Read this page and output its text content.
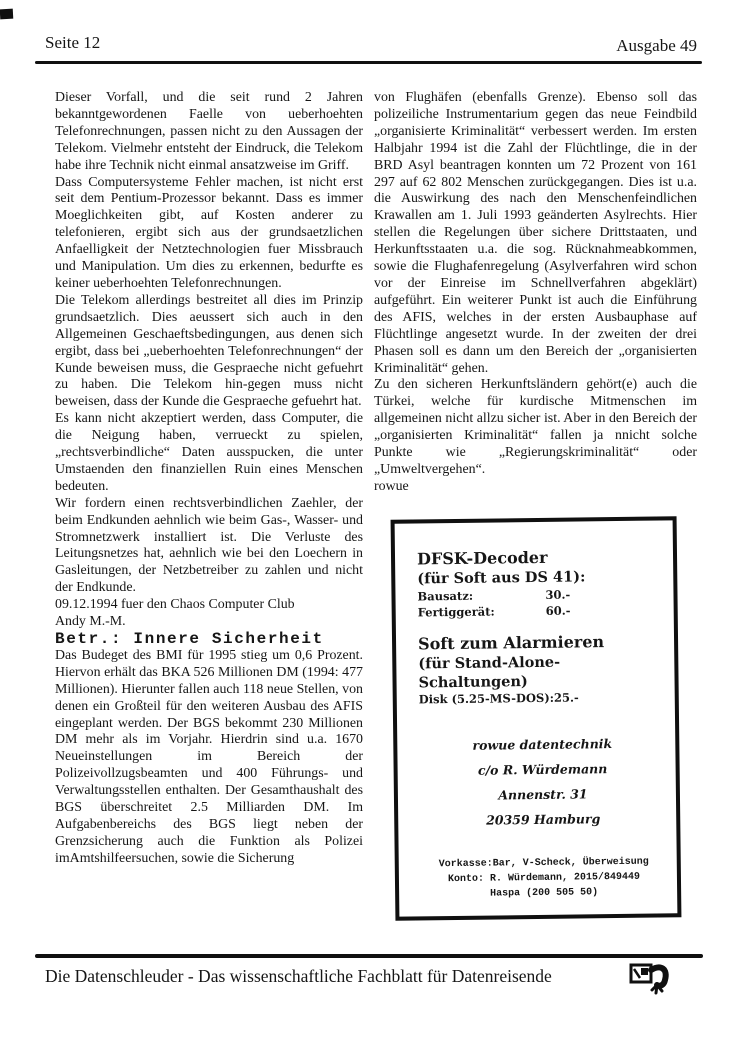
Seite 12	Ausgabe 49

Dieser Vorfall, und die seit rund 2 Jahren bekanntgewordenen Faelle von ueberhoehten Telefonrechnungen, passen nicht zu den Aussagen der Telekom. Vielmehr entsteht der Eindruck, die Telekom habe ihre Technik nicht einmal ansatzweise im Griff.

Dass Computersysteme Fehler machen, ist nicht erst seit dem Pentium-Prozessor bekannt. Dass es immer Moeglichkeiten gibt, auf Kosten anderer zu telefonieren, ergibt sich aus der grundsaetzlichen Anfaelligkeit der Netztechnologien fuer Missbrauch und Manipulation. Um dies zu erkennen, bedurfte es keiner ueberhoehten Telefonrechnungen.

Die Telekom allerdings bestreitet all dies im Prinzip grundsaetzlich. Dies aeussert sich auch in den Allgemeinen Geschaeftsbedingungen, aus denen sich ergibt, dass bei „ueberhoehten Telefonrechnungen“ der Kunde beweisen muss, die Gespraeche nicht gefuehrt zu haben. Die Telekom hin-gegen muss nicht beweisen, dass der Kunde die Gespraeche gefuehrt hat.

Es kann nicht akzeptiert werden, dass Computer, die die Neigung haben, verrueckt zu spielen, „rechtsverbindliche“ Daten ausspucken, die unter Umstaenden den finanziellen Ruin eines Menschen bedeuten.

Wir fordern einen rechtsverbindlichen Zaehler, der beim Endkunden aehnlich wie beim Gas-, Wasser- und Stromnetzwerk installiert ist. Die Verluste des Leitungsnetzes hat, aehnlich wie bei den Loechern in Gasleitungen, der Netzbetreiber zu zahlen und nicht der Endkunde.

09.12.1994 fuer den Chaos Computer Club

Andy M.-M.

Betr.: Innere Sicherheit

Das Budeget des BMI für 1995 stieg um 0,6 Prozent. Hiervon erhält das BKA 526 Millionen DM (1994: 477 Millionen). Hierunter fallen auch 118 neue Stellen, von denen ein Großteil für den weiteren Ausbau des AFIS eingeplant werden. Der BGS bekommt 230 Millionen DM mehr als im Vorjahr. Hierdrin sind u.a. 1670 Neueinstellungen im Bereich der Polizeivollzugsbeamten und 400 Führungs- und Verwaltungsstellen enthalten. Der Gesamthaushalt des BGS überschreitet 2.5 Milliarden DM. Im Aufgabenbereichs des BGS liegt neben der Grenzsicherung auch die Funktion als Polizei imAmtshilfeersuchen, sowie die Sicherung

von Flughäfen (ebenfalls Grenze). Ebenso soll das polizeiliche Instrumentarium gegen das neue Feindbild „organisierte Kriminalität“ verbessert werden. Im ersten Halbjahr 1994 ist die Zahl der Flüchtlinge, die in der BRD Asyl beantragen konnten um 72 Prozent von 161 297 auf 62 802 Menschen zurückgegangen. Dies ist u.a. die Auswirkung des nach den Menschenfeindlichen Krawallen am 1. Juli 1993 geänderten Asylrechts. Hier stellen die Regelungen über sichere Drittstaaten, und Herkunftsstaaten u.a. die sog. Rücknahmeabkommen, sowie die Flughafenregelung (Asylverfahren wird schon vor der Einreise im Schnellverfahren abgeklärt) aufgeführt. Ein weiterer Punkt ist auch die Einführung des AFIS, welches in der ersten Ausbauphase auf Flüchtlinge angesetzt wurde. In der zweiten der drei Phasen soll es dann um den Bereich der „organisierten Kriminalität“ gehen.

Zu den sicheren Herkunftsländern gehört(e) auch die Türkei, welche für kurdische Mitmenschen im allgemeinen nicht allzu sicher ist. Aber in den Bereich der „organisierten Kriminalität“ fallen ja nnicht solche Punkte wie „Regierungskriminalität“ oder „Umweltvergehen“.

rowue

DFSK-Decoder

(für Soft aus DS 41):

Bausatz:	30.-
Fertiggerät:	60.-

Soft zum Alarmieren

(für Stand-Alone-Schaltungen)

Disk (5.25-MS-DOS):25.-

rowue datentechnik
c/o R. Würdemann
Annenstr. 31
20359 Hamburg
Vorkasse:Bar, V-Scheck, Überweisung
Konto: R. Würdemann, 2015/849449
Haspa (200 505 50)
Die Datenschleuder - Das wissenschaftliche Fachblatt für Datenreisende
